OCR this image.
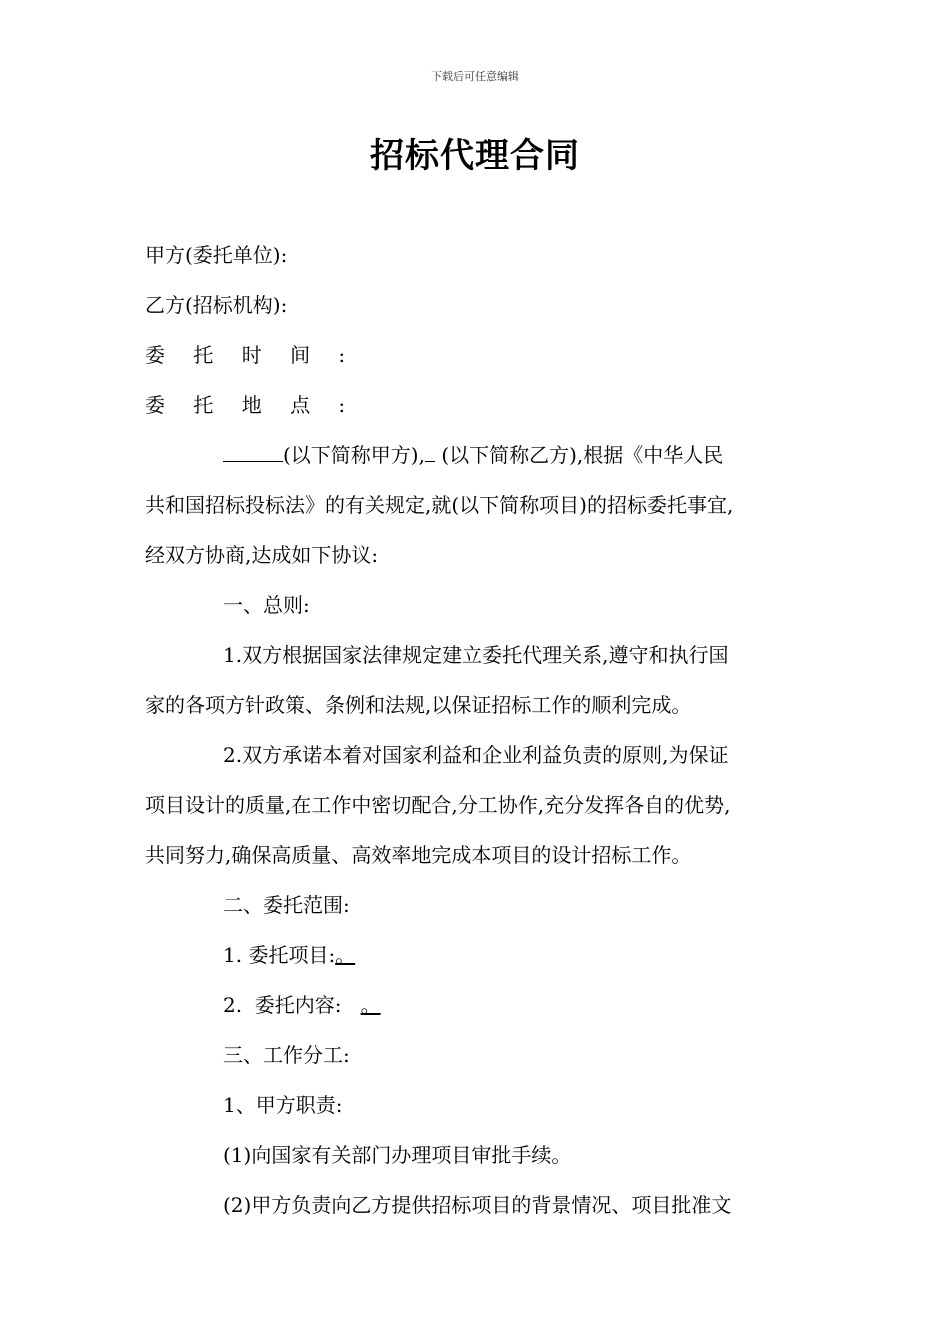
下载后可任意编辑
招标代理合同
甲方(委托单位):
乙方(招标机构):
委 托 时 间 :
委 托 地 点 :
(以下简称甲方), (以下简称乙方),根据《中华人民
共和国招标投标法》的有关规定,就(以下简称项目)的招标委托事宜,
经双方协商,达成如下协议:
一、总则:
1.双方根据国家法律规定建立委托代理关系,遵守和执行国
家的各项方针政策、条例和法规,以保证招标工作的顺利完成。
2.双方承诺本着对国家利益和企业利益负责的原则,为保证
项目设计的质量,在工作中密切配合,分工协作,充分发挥各自的优势,
共同努力,确保高质量、高效率地完成本项目的设计招标工作。
二、委托范围:
1. 委托项目:。
2.  委托内容:   。
三、工作分工:
1、甲方职责:
(1)向国家有关部门办理项目审批手续。
(2)甲方负责向乙方提供招标项目的背景情况、项目批准文
